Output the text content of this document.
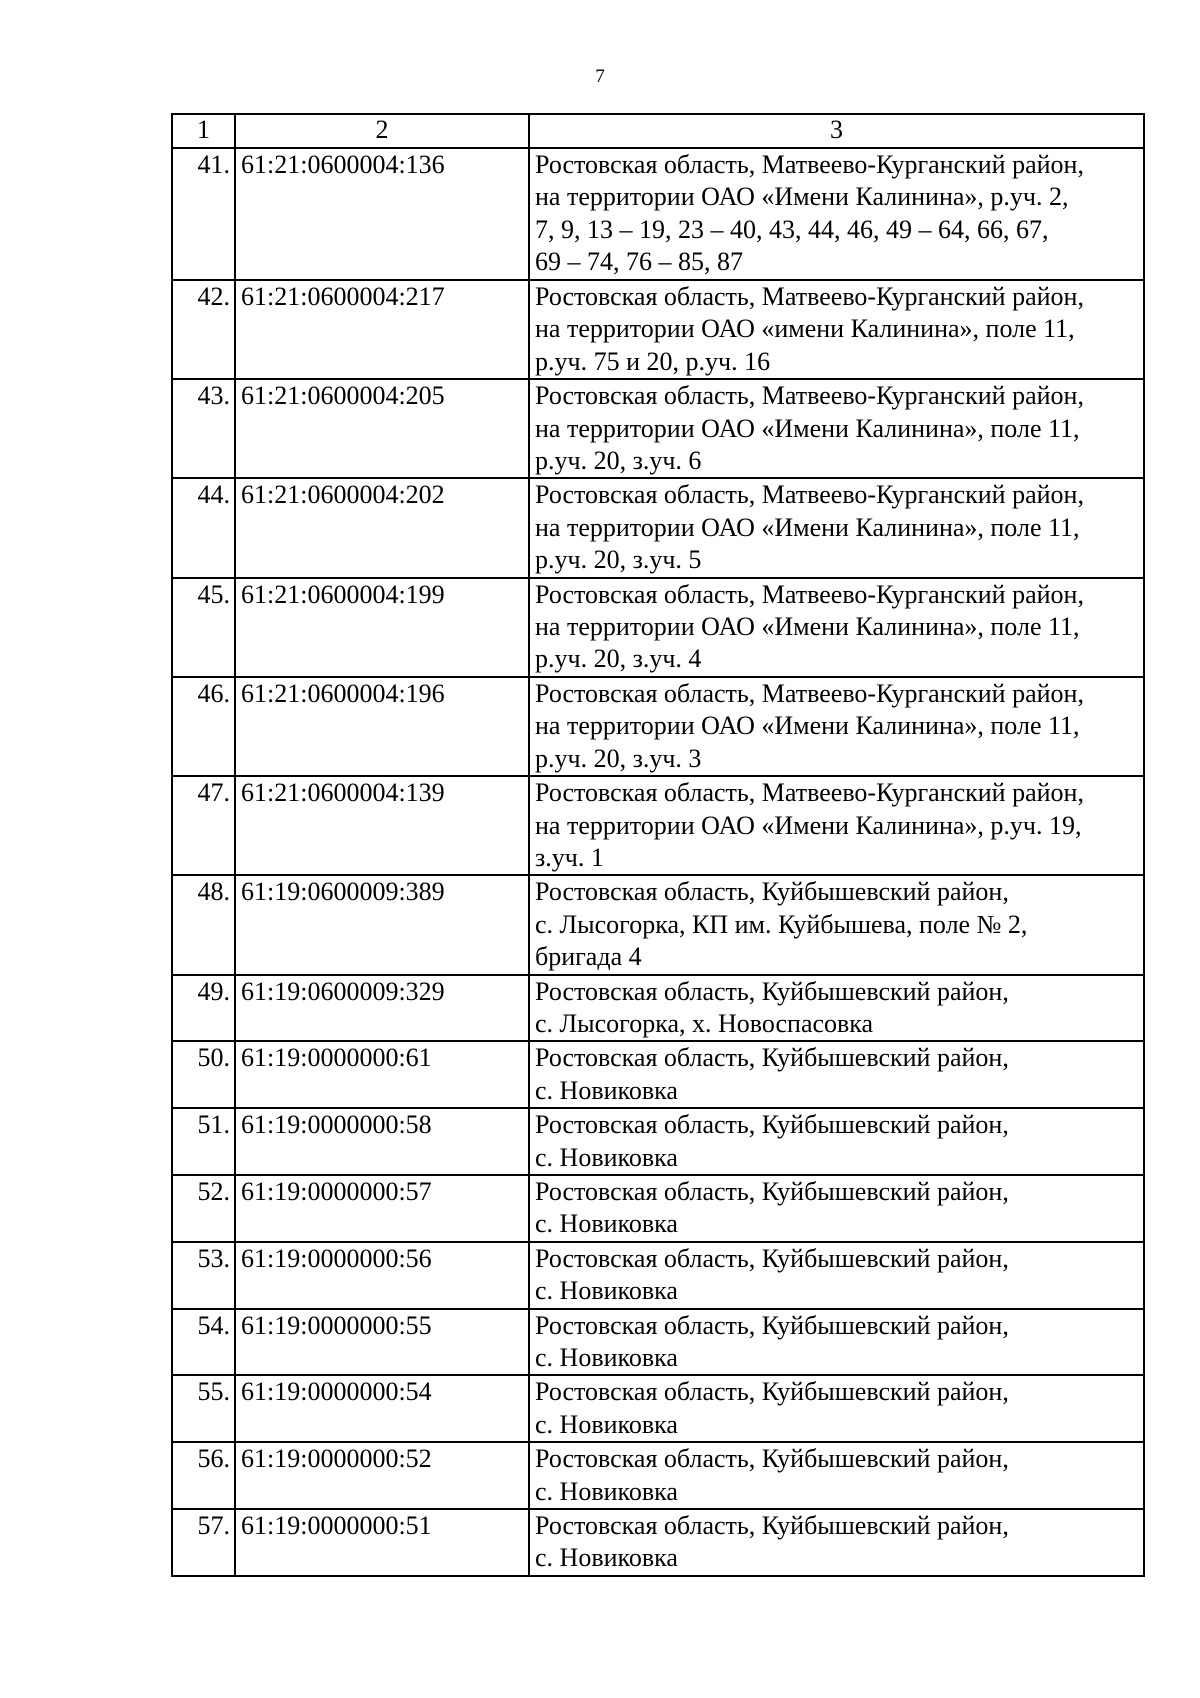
7
1	2	3
41.	61:21:0600004:136	Ростовская область, Матвеево-Курганский район,
на территории ОАО «Имени Калинина», р.уч. 2,
7, 9, 13 – 19, 23 – 40, 43, 44, 46, 49 – 64, 66, 67,
69 – 74, 76 – 85, 87

42.	61:21:0600004:217	Ростовская область, Матвеево-Курганский район,
на территории ОАО «имени Калинина», поле 11,
р.уч. 75 и 20, р.уч. 16

43.	61:21:0600004:205	Ростовская область, Матвеево-Курганский район,
на территории ОАО «Имени Калинина», поле 11,
р.уч. 20, з.уч. 6

44.	61:21:0600004:202	Ростовская область, Матвеево-Курганский район,
на территории ОАО «Имени Калинина», поле 11,
р.уч. 20, з.уч. 5

45.	61:21:0600004:199	Ростовская область, Матвеево-Курганский район,
на территории ОАО «Имени Калинина», поле 11,
р.уч. 20, з.уч. 4

46.	61:21:0600004:196	Ростовская область, Матвеево-Курганский район,
на территории ОАО «Имени Калинина», поле 11,
р.уч. 20, з.уч. 3

47.	61:21:0600004:139	Ростовская область, Матвеево-Курганский район,
на территории ОАО «Имени Калинина», р.уч. 19,
з.уч. 1

48.	61:19:0600009:389	Ростовская область, Куйбышевский район,
с. Лысогорка, КП им. Куйбышева, поле № 2,
бригада 4

49.	61:19:0600009:329	Ростовская область, Куйбышевский район,
с. Лысогорка, х. Новоспасовка

50.	61:19:0000000:61	Ростовская область, Куйбышевский район,
с. Новиковка

51.	61:19:0000000:58	Ростовская область, Куйбышевский район,
с. Новиковка

52.	61:19:0000000:57	Ростовская область, Куйбышевский район,
с. Новиковка

53.	61:19:0000000:56	Ростовская область, Куйбышевский район,
с. Новиковка

54.	61:19:0000000:55	Ростовская область, Куйбышевский район,
с. Новиковка

55.	61:19:0000000:54	Ростовская область, Куйбышевский район,
с. Новиковка

56.	61:19:0000000:52	Ростовская область, Куйбышевский район,
с. Новиковка

57.	61:19:0000000:51	Ростовская область, Куйбышевский район,
с. Новиковка
